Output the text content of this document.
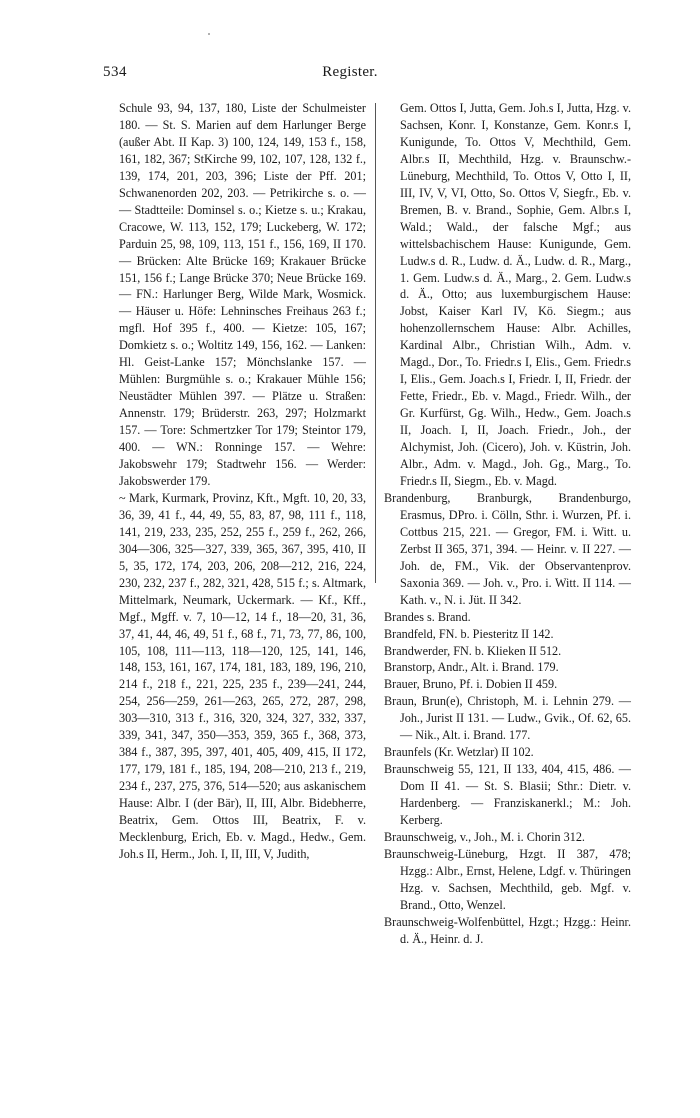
534	Register.

Schule 93, 94, 137, 180, Liste der Schulmeister 180. — St. S. Marien auf dem Harlunger Berge (außer Abt. II Kap. 3) 100, 124, 149, 153 f., 158, 161, 182, 367; StKirche 99, 102, 107, 128, 132 f., 139, 174, 201, 203, 396; Liste der Pff. 201; Schwanenorden 202, 203. — Petrikirche s. o. — — Stadtteile: Dominsel s. o.; Kietze s. u.; Krakau, Cracowe, W. 113, 152, 179; Luckeberg, W. 172; Parduin 25, 98, 109, 113, 151 f., 156, 169, II 170. — Brücken: Alte Brücke 169; Krakauer Brücke 151, 156 f.; Lange Brücke 370; Neue Brücke 169. — FN.: Harlunger Berg, Wilde Mark, Wosmick. — Häuser u. Höfe: Lehninsches Freihaus 263 f.; mgfl. Hof 395 f., 400. — Kietze: 105, 167; Domkietz s. o.; Woltitz 149, 156, 162. — Lanken: Hl. Geist-Lanke 157; Mönchslanke 157. — Mühlen: Burgmühle s. o.; Krakauer Mühle 156; Neustädter Mühlen 397. — Plätze u. Straßen: Annenstr. 179; Brüderstr. 263, 297; Holzmarkt 157. — Tore: Schmertzker Tor 179; Steintor 179, 400. — WN.: Ronninge 157. — Wehre: Jakobswehr 179; Stadtwehr 156. — Werder: Jakobswerder 179.

~ Mark, Kurmark, Provinz, Kft., Mgft. 10, 20, 33, 36, 39, 41 f., 44, 49, 55, 83, 87, 98, 111 f., 118, 141, 219, 233, 235, 252, 255 f., 259 f., 262, 266, 304—306, 325—327, 339, 365, 367, 395, 410, II 5, 35, 172, 174, 203, 206, 208—212, 216, 224, 230, 232, 237 f., 282, 321, 428, 515 f.; s. Altmark, Mittelmark, Neumark, Uckermark. — Kf., Kff., Mgf., Mgff. v. 7, 10—12, 14 f., 18—20, 31, 36, 37, 41, 44, 46, 49, 51 f., 68 f., 71, 73, 77, 86, 100, 105, 108, 111—113, 118—120, 125, 141, 146, 148, 153, 161, 167, 174, 181, 183, 189, 196, 210, 214 f., 218 f., 221, 225, 235 f., 239—241, 244, 254, 256—259, 261—263, 265, 272, 287, 298, 303—310, 313 f., 316, 320, 324, 327, 332, 337, 339, 341, 347, 350—353, 359, 365 f., 368, 373, 384 f., 387, 395, 397, 401, 405, 409, 415, II 172, 177, 179, 181 f., 185, 194, 208—210, 213 f., 219, 234 f., 237, 275, 376, 514—520; aus askanischem Hause: Albr. I (der Bär), II, III, Albr. Bidebherre, Beatrix, Gem. Ottos III, Beatrix, F. v. Mecklenburg, Erich, Eb. v. Magd., Hedw., Gem. Joh.s II, Herm., Joh. I, II, III, V, Judith,

Gem. Ottos I, Jutta, Gem. Joh.s I, Jutta, Hzg. v. Sachsen, Konr. I, Konstanze, Gem. Konr.s I, Kunigunde, To. Ottos V, Mechthild, Gem. Albr.s II, Mechthild, Hzg. v. Braunschw.-Lüneburg, Mechthild, To. Ottos V, Otto I, II, III, IV, V, VI, Otto, So. Ottos V, Siegfr., Eb. v. Bremen, B. v. Brand., Sophie, Gem. Albr.s I, Wald.; Wald., der falsche Mgf.; aus wittelsbachischem Hause: Kunigunde, Gem. Ludw.s d. R., Ludw. d. Ä., Ludw. d. R., Marg., 1. Gem. Ludw.s d. Ä., Marg., 2. Gem. Ludw.s d. Ä., Otto; aus luxemburgischem Hause: Jobst, Kaiser Karl IV, Kö. Siegm.; aus hohenzollernschem Hause: Albr. Achilles, Kardinal Albr., Christian Wilh., Adm. v. Magd., Dor., To. Friedr.s I, Elis., Gem. Friedr.s I, Elis., Gem. Joach.s I, Friedr. I, II, Friedr. der Fette, Friedr., Eb. v. Magd., Friedr. Wilh., der Gr. Kurfürst, Gg. Wilh., Hedw., Gem. Joach.s II, Joach. I, II, Joach. Friedr., Joh., der Alchymist, Joh. (Cicero), Joh. v. Küstrin, Joh. Albr., Adm. v. Magd., Joh. Gg., Marg., To. Friedr.s II, Siegm., Eb. v. Magd.

Brandenburg, Branburgk, Brandenburgo, Erasmus, DPro. i. Cölln, Sthr. i. Wurzen, Pf. i. Cottbus 215, 221. — Gregor, FM. i. Witt. u. Zerbst II 365, 371, 394. — Heinr. v. II 227. — Joh. de, FM., Vik. der Observantenprov. Saxonia 369. — Joh. v., Pro. i. Witt. II 114. — Kath. v., N. i. Jüt. II 342.

Brandes s. Brand.

Brandfeld, FN. b. Piesteritz II 142.

Brandwerder, FN. b. Klieken II 512.

Branstorp, Andr., Alt. i. Brand. 179.

Brauer, Bruno, Pf. i. Dobien II 459.

Braun, Brun(e), Christoph, M. i. Lehnin 279. — Joh., Jurist II 131. — Ludw., Gvik., Of. 62, 65. — Nik., Alt. i. Brand. 177.

Braunfels (Kr. Wetzlar) II 102.

Braunschweig 55, 121, II 133, 404, 415, 486. — Dom II 41. — St. S. Blasii; Sthr.: Dietr. v. Hardenberg. — Franziskanerkl.; M.: Joh. Kerberg.

Braunschweig, v., Joh., M. i. Chorin 312.

Braunschweig-Lüneburg, Hzgt. II 387, 478; Hzgg.: Albr., Ernst, Helene, Ldgf. v. Thüringen Hzg. v. Sachsen, Mechthild, geb. Mgf. v. Brand., Otto, Wenzel.

Braunschweig-Wolfenbüttel, Hzgt.; Hzgg.: Heinr. d. Ä., Heinr. d. J.
